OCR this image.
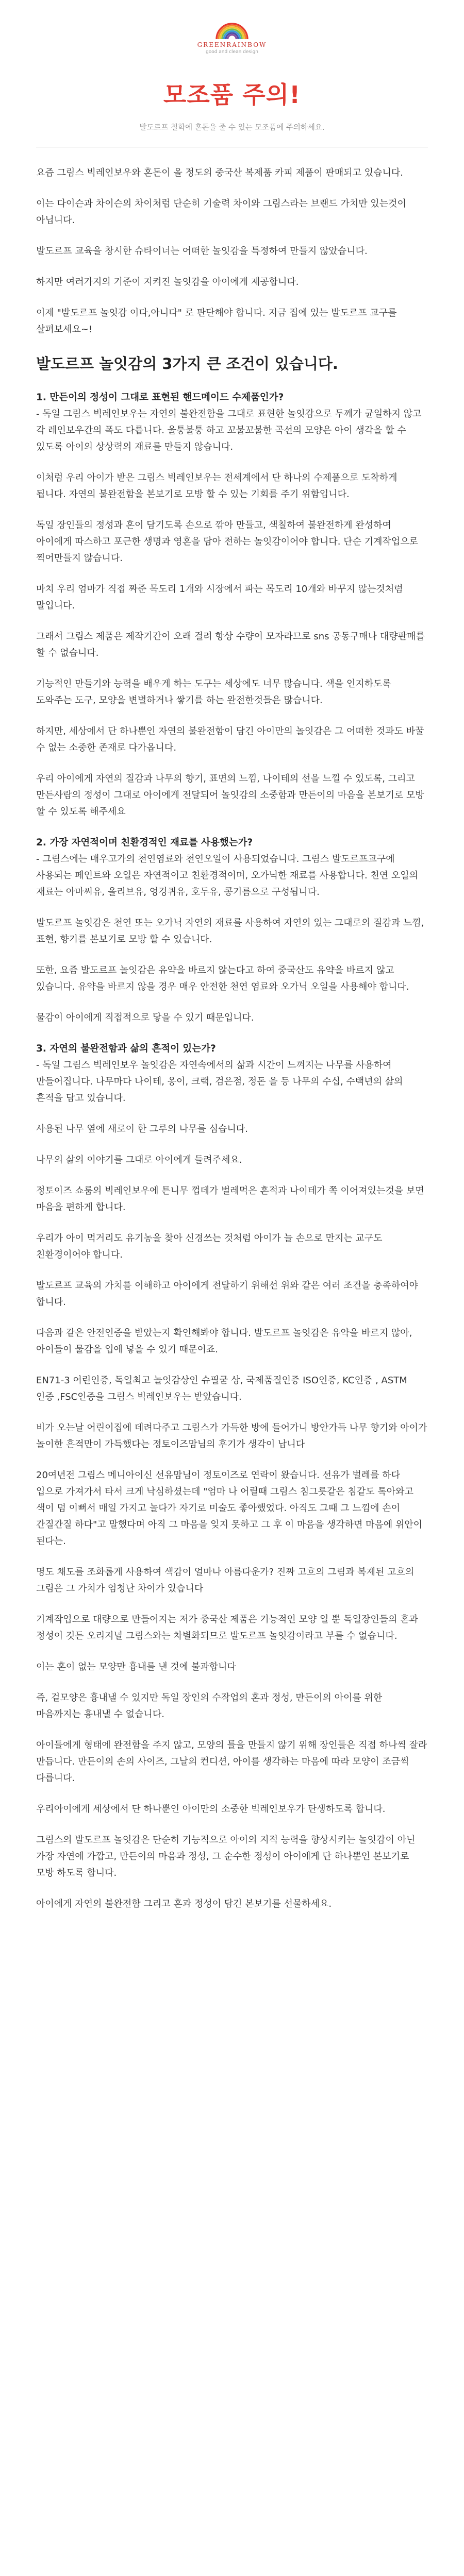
GREENRAINBOW
good and clean design
모조품 주의!

발도르프 철학에 혼돈을 줄 수 있는 모조품에 주의하세요.

요즘 그림스 빅레인보우와 혼돈이 올 정도의 중국산 복제품 카피 제품이 판매되고 있습니다.

이는 다이슨과 차이슨의 차이처럼 단순히 기술력 차이와 그림스라는 브랜드 가치만 있는것이 아닙니다.

발도르프 교육을 창시한 슈타이너는 어떠한 놀잇감을 특정하여 만들지 않았습니다.

하지만 여러가지의 기준이 지켜진 놀잇감을 아이에게 제공합니다.

이제 "발도르프 놀잇감 이다,아니다" 로 판단해야 합니다. 지금 집에 있는 발도르프 교구를 살펴보세요~!

발도르프 놀잇감의 3가지 큰 조건이 있습니다.
1. 만든이의 정성이 그대로 표현된 핸드메이드 수제품인가?

- 독일 그림스 빅레인보우는 자연의 불완전함을 그대로 표현한 놀잇감으로 두께가 균일하지 않고 각 레인보우간의 폭도 다릅니다. 울퉁불퉁 하고 꼬불꼬불한 곡선의 모양은 아이 생각을 할 수 있도록 아이의 상상력의 재료를 만들지 않습니다.

이처럼 우리 아이가 받은 그림스 빅레인보우는 전세계에서 단 하나의 수제품으로 도착하게 됩니다. 자연의 불완전함을 본보기로 모방 할 수 있는 기회를 주기 위함입니다.

독일 장인들의 정성과 혼이 담기도록 손으로 깎아 만들고, 색칠하여 불완전하게 완성하여 아이에게 따스하고 포근한 생명과 영혼을 담아 전하는 놀잇감이어야 합니다. 단순 기계작업으로 찍어만들지 않습니다.

마치 우리 엄마가 직접 짜준 목도리 1개와 시장에서 파는 목도리 10개와 바꾸지 않는것처럼 말입니다.

그래서 그림스 제품은 제작기간이 오래 걸려 항상 수량이 모자라므로 sns 공동구매나 대량판매를 할 수 없습니다.

기능적인 만들기와 능력을 배우게 하는 도구는 세상에도 너무 많습니다. 색을 인지하도록 도와주는 도구, 모양을 변별하거나 쌓기를 하는 완전한것들은 많습니다.

하지만, 세상에서 단 하나뿐인 자연의 불완전함이 담긴 아이만의 놀잇감은 그 어떠한 것과도 바꿀 수 없는 소중한 존재로 다가옵니다.

우리 아이에게 자연의 질감과 나무의 향기, 표면의 느낌, 나이테의 선을 느낄 수 있도록, 그리고 만든사람의 정성이 그대로 아이에게 전달되어 놀잇감의 소중함과 만든이의 마음을 본보기로 모방 할 수 있도록 해주세요

2. 가장 자연적이며 친환경적인 재료를 사용했는가?

- 그림스에는 매우고가의 천연염료와 천연오일이 사용되었습니다. 그림스 발도르프교구에 사용되는 페인트와 오일은 자연적이고 친환경적이며, 오가닉한 재료를 사용합니다. 천연 오일의 재료는 아마씨유, 올리브유, 엉겅퀴유, 호두유, 콩기름으로 구성됩니다.

발도르프 놀잇감은 천연 또는 오가닉 자연의 재료를 사용하여 자연의 있는 그대로의 질감과 느낌, 표현, 향기를 본보기로 모방 할 수 있습니다.

또한, 요즘 발도르프 놀잇감은 유약을 바르지 않는다고 하여 중국산도 유약을 바르지 않고 있습니다. 유약을 바르지 않을 경우 매우 안전한 천연 염료와 오가닉 오일을 사용해야 합니다.

물감이 아이에게 직접적으로 닿을 수 있기 때문입니다.

3. 자연의 불완전함과 삶의 흔적이 있는가?

- 독일 그림스 빅레인보우 놀잇감은 자연속에서의 삶과 시간이 느껴지는 나무를 사용하여 만들어집니다. 나무마다 나이테, 옹이, 크랙, 검은점, 정돈 을 등 나무의 수십, 수백년의 삶의 흔적을 담고 있습니다.

사용된 나무 옆에 새로이 한 그루의 나무를 심습니다.

나무의 삶의 이야기를 그대로 아이에게 들려주세요.

정토이즈 쇼룸의 빅레인보우에 튼니무 껍데가 벌레먹은 흔적과 나이테가 쪽 이어져있는것을 보면 마음을 편하게 합니다.

우리가 아이 먹거리도 유기농을 찾아 신경쓰는 것처럼 아이가 늘 손으로 만지는 교구도 친환경이어야 합니다.

발도르프 교육의 가치를 이해하고 아이에게 전달하기 위해선 위와 같은 여러 조건을 충족하여야 합니다.

다음과 같은 안전인증을 받았는지 확인해봐야 합니다. 발도르프 놀잇감은 유약을 바르지 않아, 아이들이 물감을 입에 넣을 수 있기 때문이죠.

EN71-3 어린인증, 독일최고 놀잇감상인 슈필굳 상, 국제품질인증 ISO인증, KC인증 , ASTM 인증 ,FSC인증을 그림스 빅레인보우는 받았습니다.

비가 오는날 어린이집에 데려다주고 그림스가 가득한 방에 들어가니 방안가득 나무 향기와 아이가 놀이한 흔적만이 가득했다는 정토이즈맘님의 후기가 생각이 납니다

20여년전 그림스 메니아이신 선유맘님이 정토이즈로 연락이 왔습니다. 선유가 벌레를 하다 입으로 가져가서 타서 크게 낙심하셨는데 "엄마 나 어릴때 그림스 침그릇같은 침같도 톡아와고 색이 덤 이뻐서 매일 가지고 놀다가 자기로 미술도 좋아했었다. 아직도 그때 그 느낌에 손이 간질간질 하다"고 말했다며 아직 그 마음을 잊지 못하고 그 후 이 마음을 생각하면 마음에 위안이 된다는.

명도 채도를 조화롭게 사용하여 색감이 얼마나 아름다운가? 진짜 고흐의 그림과 복제된 고흐의 그림은 그 가치가 엄청난 차이가 있습니다

기계작업으로 대량으로 만들어지는 저가 중국산 제품은 기능적인 모양 일 뿐 독일장인들의 혼과 정성이 깃든 오리지널 그림스와는 차별화되므로 발도르프 놀잇감이라고 부를 수 없습니다.

이는 혼이 없는 모양만 흉내를 낸 것에 불과합니다

즉, 겉모양은 흉내낼 수 있지만 독일 장인의 수작업의 혼과 정성, 만든이의 아이를 위한 마음까지는 흉내낼 수 없습니다.

아이들에게 형태에 완전함을 주지 않고, 모양의 틀을 만들지 않기 위해 장인들은 직접 하나씩 잘라 만듭니다. 만든이의 손의 사이즈, 그날의 컨디션, 아이를 생각하는 마음에 따라 모양이 조금씩 다릅니다.

우리아이에게 세상에서 단 하나뿐인 아이만의 소중한 빅레인보우가 탄생하도록 합니다.

그림스의 발도르프 놀잇감은 단순히 기능적으로 아이의 지적 능력을 향상시키는 놀잇감이 아닌 가장 자연에 가깝고, 만든이의 마음과 정성, 그 순수한 정성이 아이에게 단 하나뿐인 본보기로 모방 하도록 합니다.

아이에게 자연의 불완전함 그리고 혼과 정성이 담긴 본보기를 선물하세요.
